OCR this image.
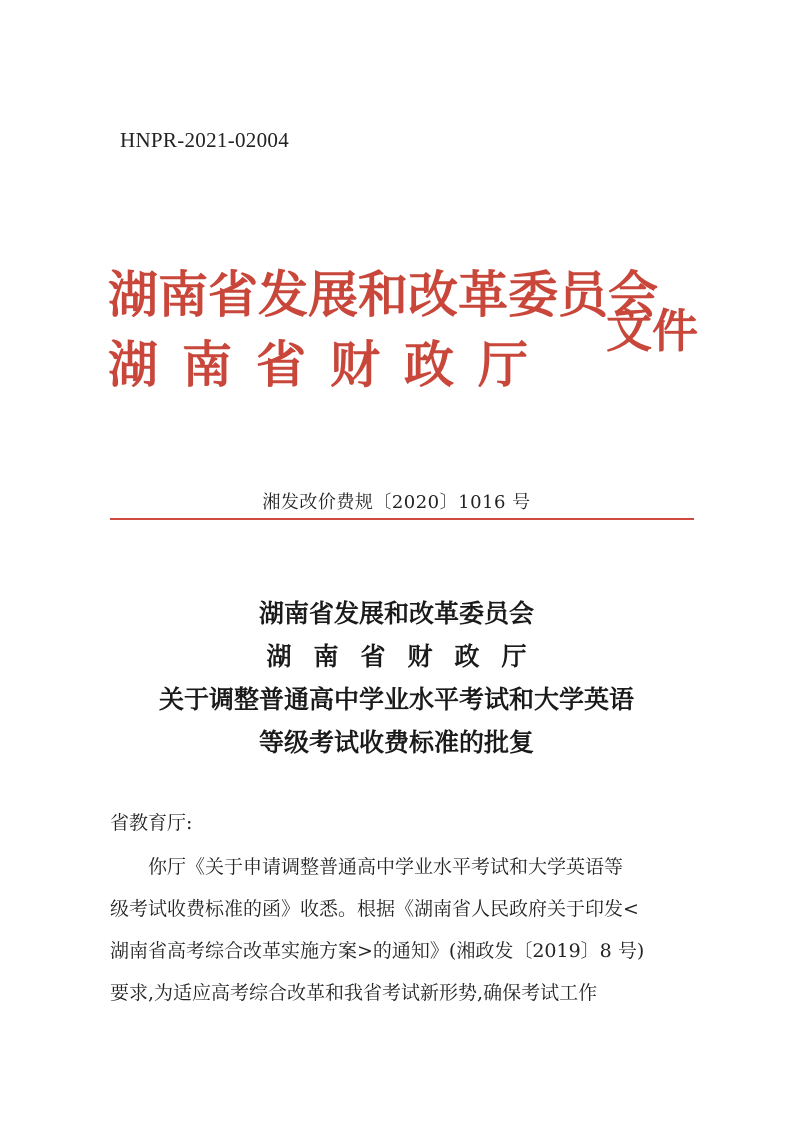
HNPR-2021-02004
湖南省发展和改革委员会
湖南省财政厅
文件
湘发改价费规〔2020〕1016 号
湖南省发展和改革委员会
湖南省财政厅
关于调整普通高中学业水平考试和大学英语
等级考试收费标准的批复
省教育厅:
你厅《关于申请调整普通高中学业水平考试和大学英语等
级考试收费标准的函》收悉。根据《湖南省人民政府关于印发<
湖南省高考综合改革实施方案>的通知》(湘政发〔2019〕8 号)
要求,为适应高考综合改革和我省考试新形势,确保考试工作
